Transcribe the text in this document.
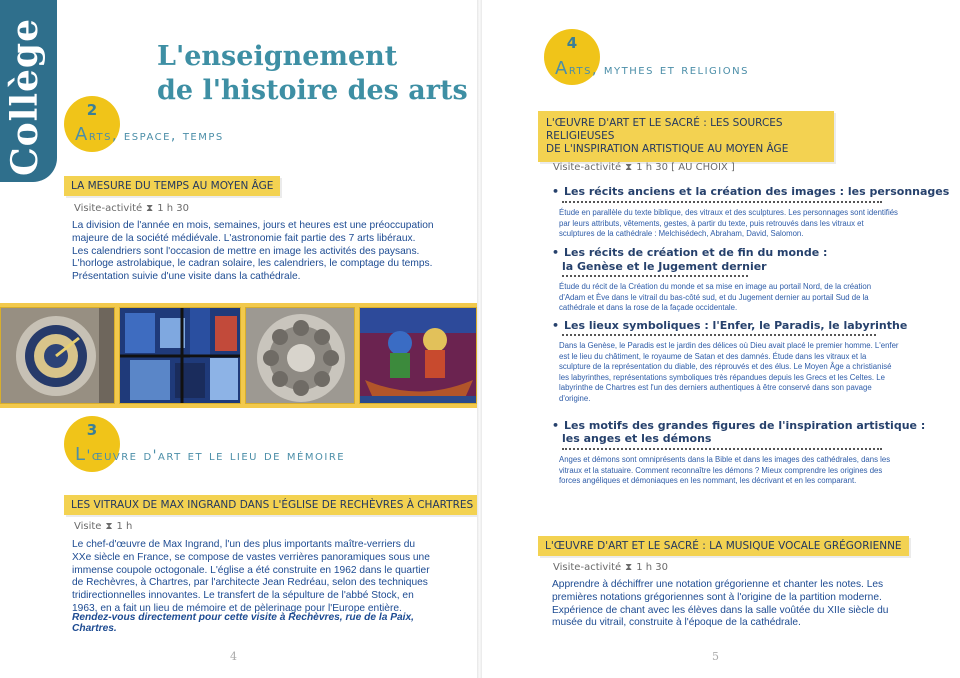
Collège	L'enseignement
de l'histoire des arts
2
Arts, espace, temps
LA MESURE DU TEMPS AU MOYEN ÂGE
Visite-activité ⧗ 1 h 30
La division de l'année en mois, semaines, jours et heures est une préoccupation majeure de la société médiévale. L'astronomie fait partie des 7 arts libéraux. Les calendriers sont l'occasion de mettre en image les activités des paysans. L'horloge astrolabique, le cadran solaire, les calendriers, le comptage du temps. Présentation suivie d'une visite dans la cathédrale.
3
L'œuvre d'art et le lieu de mémoire
LES VITRAUX DE MAX INGRAND DANS L'ÉGLISE DE RECHÈVRES À CHARTRES
Visite ⧗ 1 h
Le chef-d'œuvre de Max Ingrand, l'un des plus importants maître-verriers du XXe siècle en France, se compose de vastes verrières panoramiques sous une immense coupole octogonale. L'église a été construite en 1962 dans le quartier de Rechèvres, à Chartres, par l'architecte Jean Redréau, selon des techniques tridirectionnelles innovantes. Le transfert de la sépulture de l'abbé Stock, en 1963, en a fait un lieu de mémoire et de pèlerinage pour l'Europe entière.
Rendez-vous directement pour cette visite à Rechèvres, rue de la Paix, Chartres.
4
4
Arts, mythes et religions
L'ŒUVRE D'ART ET LE SACRÉ : LES SOURCES RELIGIEUSES
DE L'INSPIRATION ARTISTIQUE AU MOYEN ÂGE
Visite-activité ⧗ 1 h 30 [ AU CHOIX ]
• Les récits anciens et la création des images : les personnages
Étude en parallèle du texte biblique, des vitraux et des sculptures. Les personnages sont identifiés par leurs attributs, vêtements, gestes, à partir du texte, puis retrouvés dans les vitraux et sculptures de la cathédrale : Melchisédech, Abraham, David, Salomon.
• Les récits de création et de fin du monde :
la Genèse et le Jugement dernier
Étude du récit de la Création du monde et sa mise en image au portail Nord, de la création d'Adam et Ève dans le vitrail du bas-côté sud, et du Jugement dernier au portail Sud de la cathédrale et dans la rose de la façade occidentale.
• Les lieux symboliques : l'Enfer, le Paradis, le labyrinthe
Dans la Genèse, le Paradis est le jardin des délices où Dieu avait placé le premier homme. L'enfer est le lieu du châtiment, le royaume de Satan et des damnés. Étude dans les vitraux et la sculpture de la représentation du diable, des réprouvés et des élus. Le Moyen Âge a christianisé les labyrinthes, représentations symboliques très répandues depuis les Grecs et les Celtes. Le labyrinthe de Chartres est l'un des derniers authentiques à être conservé dans son pavage d'origine.
• Les motifs des grandes figures de l'inspiration artistique :
les anges et les démons
Anges et démons sont omniprésents dans la Bible et dans les images des cathédrales, dans les vitraux et la statuaire. Comment reconnaître les démons ? Mieux comprendre les origines des forces angéliques et démoniaques en les nommant, les décrivant et en les comparant.
L'ŒUVRE D'ART ET LE SACRÉ : LA MUSIQUE VOCALE GRÉGORIENNE
Visite-activité ⧗ 1 h 30
Apprendre à déchiffrer une notation grégorienne et chanter les notes. Les premières notations grégoriennes sont à l'origine de la partition moderne. Expérience de chant avec les élèves dans la salle voûtée du XIIe siècle du musée du vitrail, construite à l'époque de la cathédrale.
5
